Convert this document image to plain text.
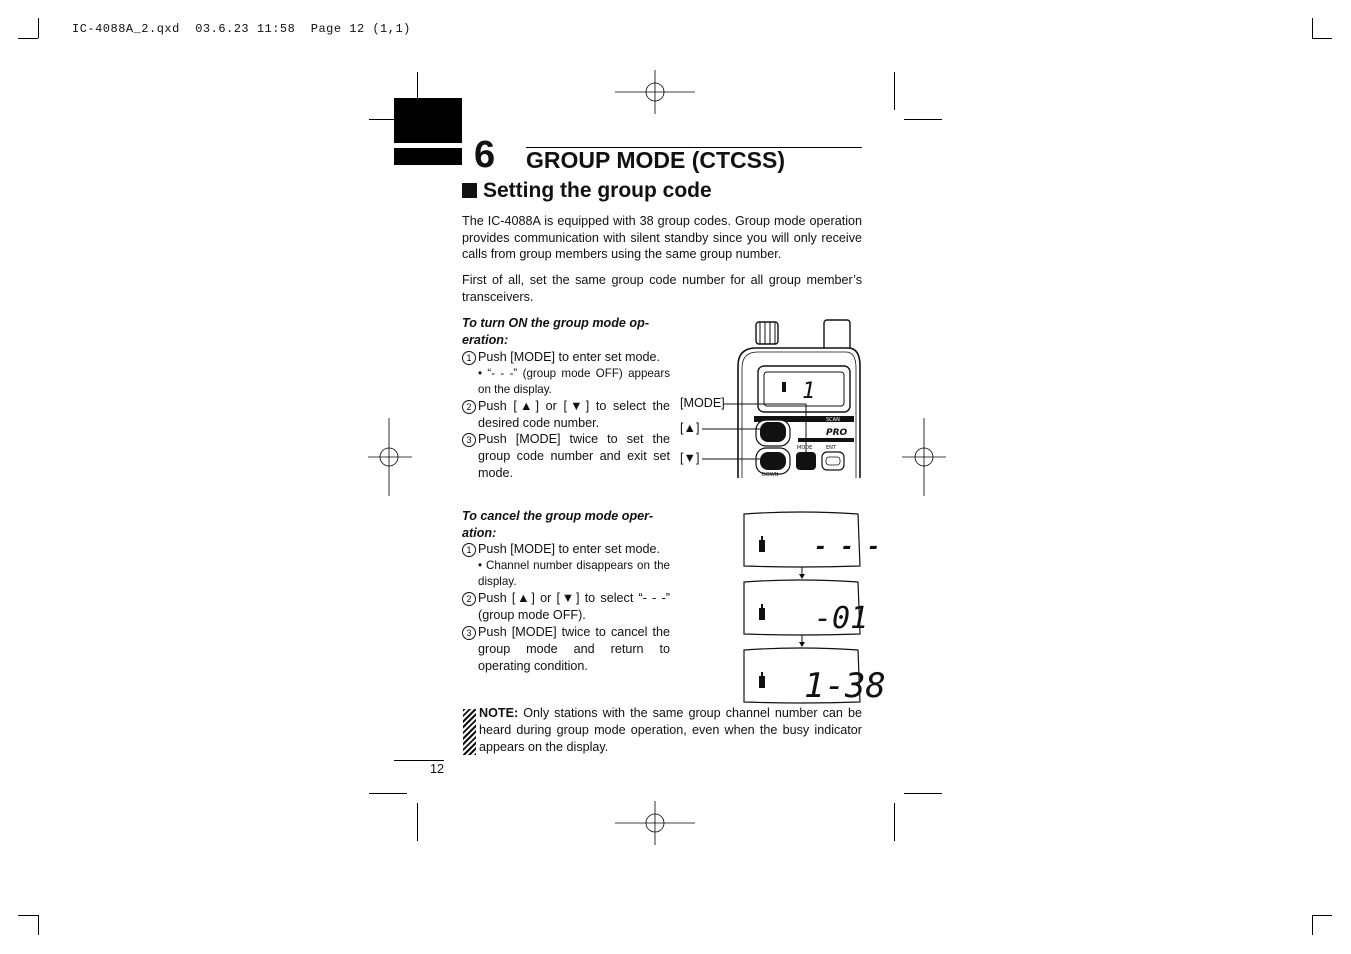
IC-4088A_2.qxd  03.6.23 11:58  Page 12 (1,1)
6 GROUP MODE (CTCSS)
Setting the group code
The IC-4088A is equipped with 38 group codes. Group mode operation provides communication with silent standby since you will only receive calls from group members using the same group number.
First of all, set the same group code number for all group member’s transceivers.
To turn ON the group mode op-
eration:
1 Push [MODE] to enter set mode.
• “- - -” (group mode OFF) appears on the display.
2 Push [▲] or [▼] to select the desired code number.
3 Push [MODE] twice to set the group code number and exit set mode.
[MODE]
[▲]
[▼]
1
SCAN
DOWN
PRO
MODE	ENT
To cancel the group mode oper-
ation:
1 Push [MODE] to enter set mode.
• Channel number disappears on the display.
2 Push [▲] or [▼] to select “- - -” (group mode OFF).
3 Push [MODE] twice to cancel the group mode and return to operating condition.
- - -
-01
1-38
NOTE: Only stations with the same group channel number can be heard during group mode operation, even when the busy indicator appears on the display.
12
